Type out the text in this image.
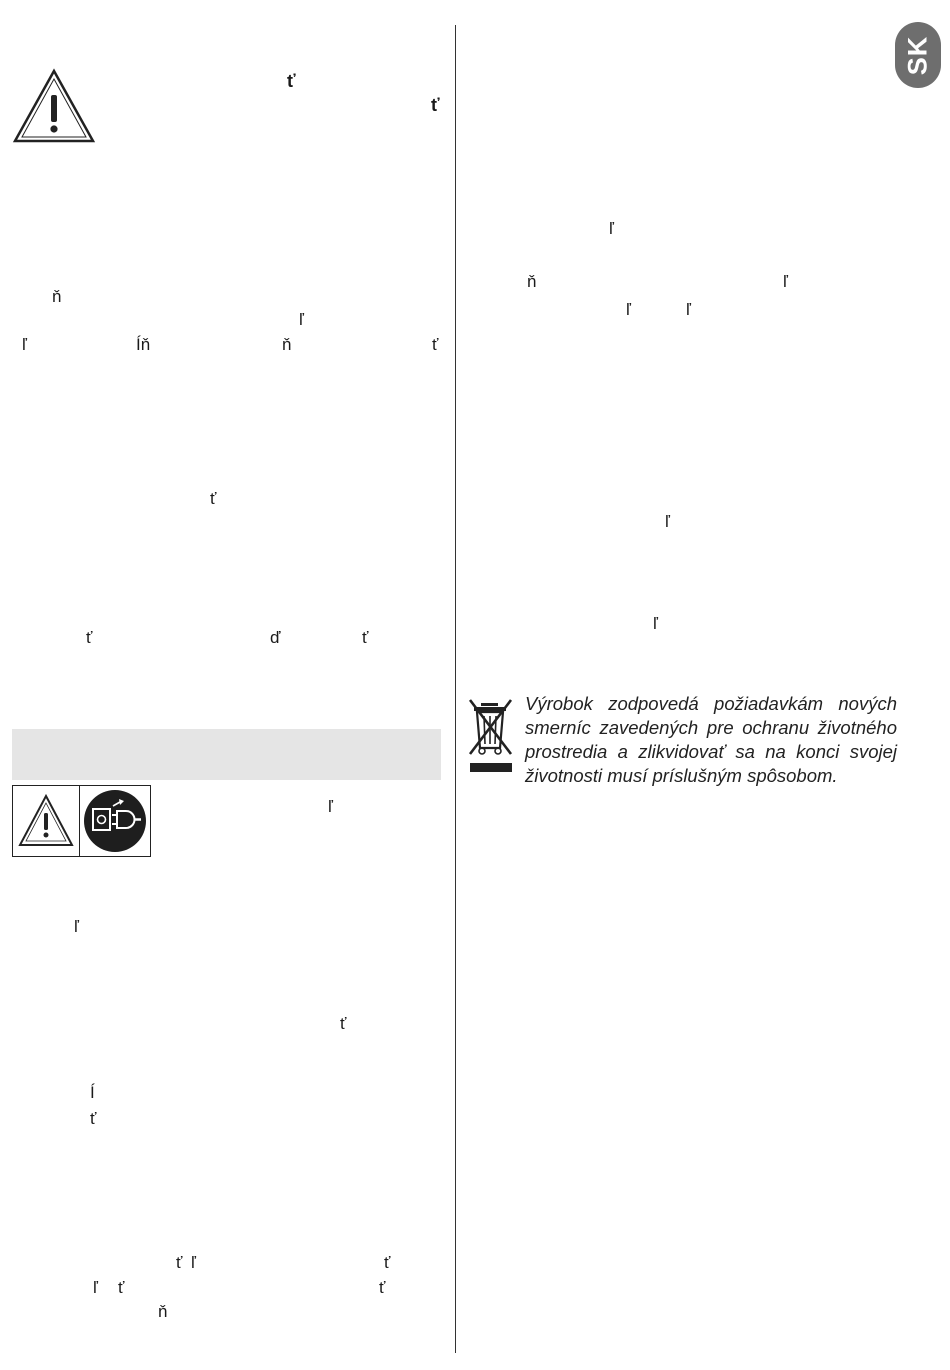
SK
ť
ť
ň
ľ
ľ	Íň	ň	ť
ť
ť	ď	ť
ľ
ľ
ť
Í
ť
ť ľ	ť
ľ ť	ť
ň
ľ
ň	ľ
ľ	ľ
ľ
ľ
Výrobok zodpovedá požiadavkám nových
smerníc zavedených pre ochranu životného
prostredia a zlikvidovať sa na konci svojej
životnosti musí príslušným spôsobom.
